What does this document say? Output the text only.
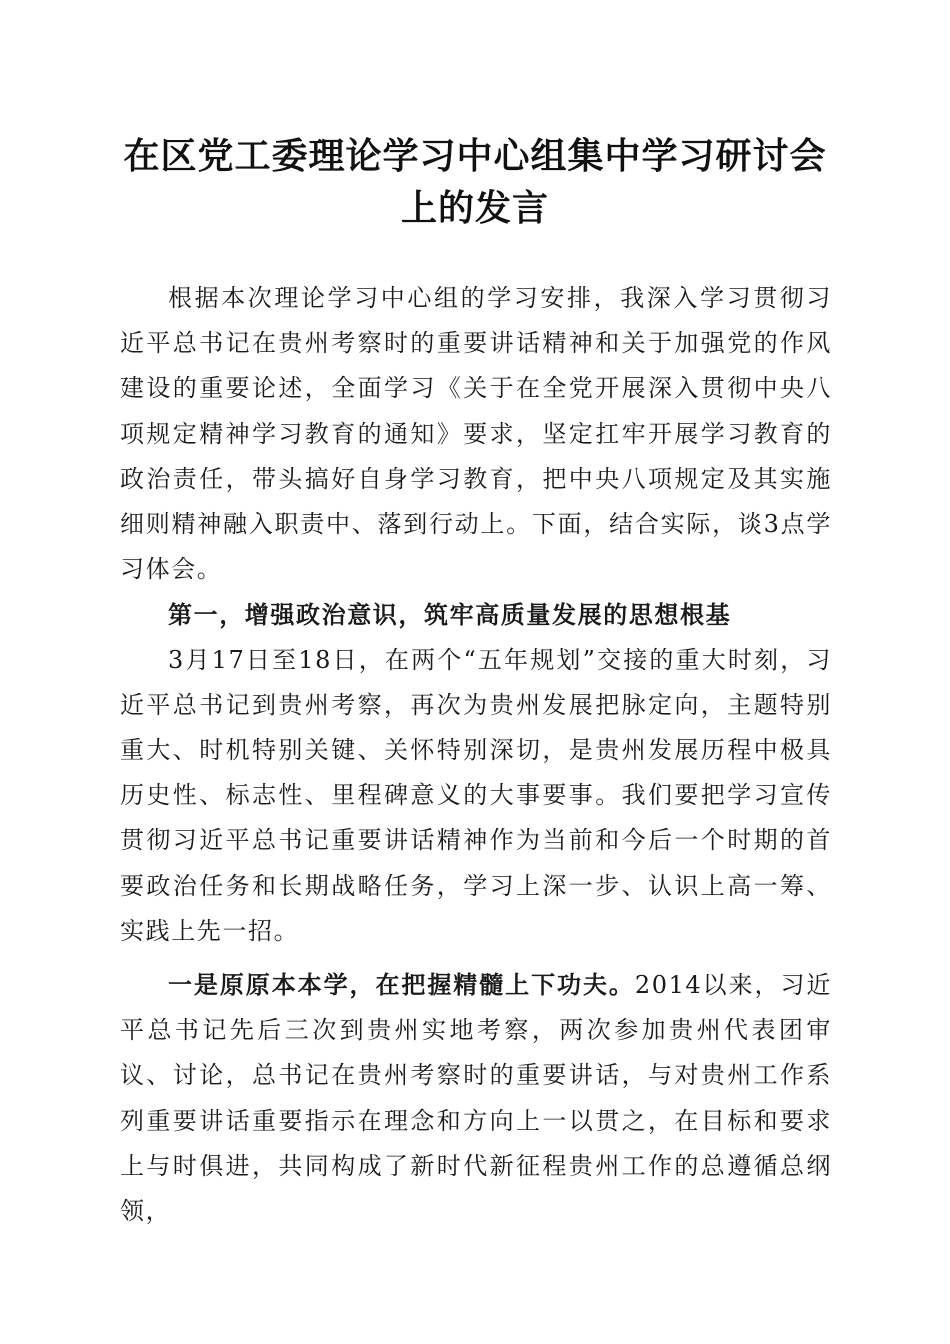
在区党工委理论学习中心组集中学习研讨会上的发言

根据本次理论学习中心组的学习安排，我深入学习贯彻习近平总书记在贵州考察时的重要讲话精神和关于加强党的作风建设的重要论述，全面学习《关于在全党开展深入贯彻中央八项规定精神学习教育的通知》要求，坚定扛牢开展学习教育的政治责任，带头搞好自身学习教育，把中央八项规定及其实施细则精神融入职责中、落到行动上。下面，结合实际，谈3点学习体会。

第一，增强政治意识，筑牢高质量发展的思想根基

3月17日至18日，在两个“五年规划”交接的重大时刻，习近平总书记到贵州考察，再次为贵州发展把脉定向，主题特别重大、时机特别关键、关怀特别深切，是贵州发展历程中极具历史性、标志性、里程碑意义的大事要事。我们要把学习宣传贯彻习近平总书记重要讲话精神作为当前和今后一个时期的首要政治任务和长期战略任务，学习上深一步、认识上高一筹、实践上先一招。

一是原原本本学，在把握精髓上下功夫。2014以来，习近平总书记先后三次到贵州实地考察，两次参加贵州代表团审议、讨论，总书记在贵州考察时的重要讲话，与对贵州工作系列重要讲话重要指示在理念和方向上一以贯之，在目标和要求上与时俱进，共同构成了新时代新征程贵州工作的总遵循总纲领，
